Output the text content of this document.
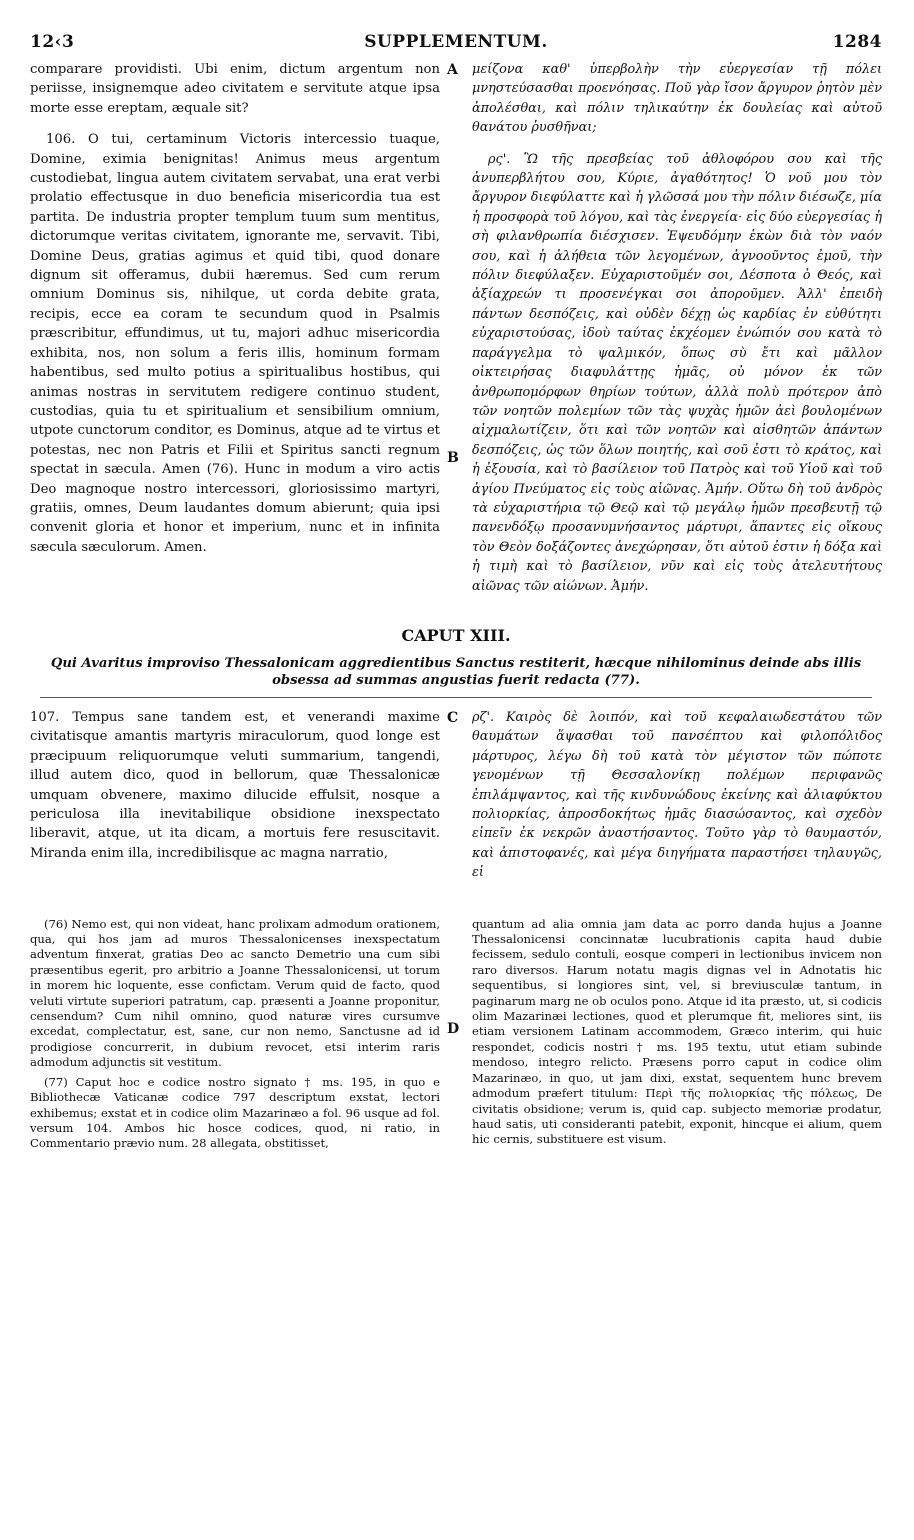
12‹3	SUPPLEMENTUM.	1284
A
B

comparare providisti. Ubi enim, dictum argentum non periisse, insignemque adeo civitatem e servitute atque ipsa morte esse ereptam, æquale sit?

106. O tui, certaminum Victoris intercessio tuaque, Domine, eximia benignitas! Animus meus argentum custodiebat, lingua autem civitatem servabat, una erat verbi prolatio effectusque in duo beneficia misericordia tua est partita. De industria propter templum tuum sum mentitus, dictorumque veritas civitatem, ignorante me, servavit. Tibi, Domine Deus, gratias agimus et quid tibi, quod donare dignum sit offeramus, dubii hæremus. Sed cum rerum omnium Dominus sis, nihilque, ut corda debite grata, recipis, ecce ea coram te secundum quod in Psalmis præscribitur, effundimus, ut tu, majori adhuc misericordia exhibita, nos, non solum a feris illis, hominum formam habentibus, sed multo potius a spiritualibus hostibus, qui animas nostras in servitutem redigere continuo student, custodias, quia tu et spiritualium et sensibilium omnium, utpote cunctorum conditor, es Dominus, atque ad te virtus et potestas, nec non Patris et Filii et Spiritus sancti regnum spectat in sæcula. Amen (76). Hunc in modum a viro actis Deo magnoque nostro intercessori, gloriosissimo martyri, gratiis, omnes, Deum laudantes domum abierunt; quia ipsi convenit gloria et honor et imperium, nunc et in infinita sæcula sæculorum. Amen.

μείζονα καθ' ὑπερβολὴν τὴν εὐεργεσίαν τῇ πόλει μνηστεύσασθαι προενόησας. Ποῦ γὰρ ἴσον ἄργυρον ῥητὸν μὲν ἀπολέσθαι, καὶ πόλιν τηλικαύτην ἐκ δουλείας καὶ αὐτοῦ θανάτου ῥυσθῆναι;

ρς'. Ὢ τῆς πρεσβείας τοῦ ἀθλοφόρου σου καὶ τῆς ἀνυπερβλήτου σου, Κύριε, ἀγαθότητος! Ὁ νοῦ μου τὸν ἄργυρον διεφύλαττε καὶ ἡ γλῶσσά μου τὴν πόλιν διέσωζε, μία ἡ προσφορὰ τοῦ λόγου, καὶ τὰς ἐνεργεία· εἰς δύο εὐεργεσίας ἡ σὴ φιλανθρωπία διέσχισεν. Ἐψευδόμην ἑκὼν διὰ τὸν ναόν σου, καὶ ἡ ἀλήθεια τῶν λεγομένων, ἀγνοοῦντος ἐμοῦ, τὴν πόλιν διεφύλαξεν. Εὐχαριστοῦμέν σοι, Δέσποτα ὁ Θεός, καὶ ἀξίαχρεών τι προσενέγκαι σοι ἀποροῦμεν. Ἀλλ' ἐπειδὴ πάντων δεσπόζεις, καὶ οὐδὲν δέχῃ ὡς καρδίας ἐν εὐθύτητι εὐχαριστούσας, ἰδοὺ ταύτας ἐκχέομεν ἐνώπιόν σου κατὰ τὸ παράγγελμα τὸ ψαλμικόν, ὅπως σὺ ἔτι καὶ μᾶλλον οἰκτειρήσας διαφυλάττῃς ἡμᾶς, οὐ μόνον ἐκ τῶν ἀνθρωπομόρφων θηρίων τούτων, ἀλλὰ πολὺ πρότερον ἀπὸ τῶν νοητῶν πολεμίων τῶν τὰς ψυχὰς ἡμῶν ἀεὶ βουλομένων αἰχμαλωτίζειν, ὅτι καὶ τῶν νοητῶν καὶ αἰσθητῶν ἁπάντων δεσπόζεις, ὡς τῶν ὅλων ποιητής, καὶ σοῦ ἐστι τὸ κράτος, καὶ ἡ ἐξουσία, καὶ τὸ βασίλειον τοῦ Πατρὸς καὶ τοῦ Υἱοῦ καὶ τοῦ ἁγίου Πνεύματος εἰς τοὺς αἰῶνας. Ἀμήν. Οὕτω δὴ τοῦ ἀνδρὸς τὰ εὐχαριστήρια τῷ Θεῷ καὶ τῷ μεγάλῳ ἡμῶν πρεσβευτῇ τῷ πανενδόξῳ προσανυμνήσαντος μάρτυρι, ἅπαντες εἰς οἴκους τὸν Θεὸν δοξάζοντες ἀνεχώρησαν, ὅτι αὐτοῦ ἐστιν ἡ δόξα καὶ ἡ τιμὴ καὶ τὸ βασίλειον, νῦν καὶ εἰς τοὺς ἀτελευτήτους αἰῶνας τῶν αἰώνων. Ἀμήν.

CAPUT XIII.
Qui Avaritus improviso Thessalonicam aggredientibus Sanctus restiterit, hæcque nihilominus deinde abs illis obsessa ad summas angustias fuerit redacta (77).
C

107. Tempus sane tandem est, et venerandi maxime civitatisque amantis martyris miraculorum, quod longe est præcipuum reliquorumque veluti summarium, tangendi, illud autem dico, quod in bellorum, quæ Thessalonicæ umquam obvenere, maximo dilucide effulsit, nosque a periculosa illa inevitabilique obsidione inexspectato liberavit, atque, ut ita dicam, a mortuis fere resuscitavit. Miranda enim illa, incredibilisque ac magna narratio,

ρζ'. Καιρὸς δὲ λοιπόν, καὶ τοῦ κεφαλαιωδεστάτου τῶν θαυμάτων ἅψασθαι τοῦ πανσέπτου καὶ φιλοπόλιδος μάρτυρος, λέγω δὴ τοῦ κατὰ τὸν μέγιστον τῶν πώποτε γενομένων τῇ Θεσσαλονίκῃ πολέμων περιφανῶς ἐπιλάμψαντος, καὶ τῆς κινδυνώδους ἐκείνης καὶ ἀλιαφύκτου πολιορκίας, ἀπροσδοκήτως ἡμᾶς διασώσαντος, καὶ σχεδὸν εἰπεῖν ἐκ νεκρῶν ἀναστήσαντος. Τοῦτο γὰρ τὸ θαυμαστόν, καὶ ἀπιστοφανές, καὶ μέγα διηγήματα παραστήσει τηλαυγῶς, εἰ

D

(76) Nemo est, qui non videat, hanc prolixam admodum orationem, qua, qui hos jam ad muros Thessalonicenses inexspectatum adventum finxerat, gratias Deo ac sancto Demetrio una cum sibi præsentibus egerit, pro arbitrio a Joanne Thessalonicensi, ut torum in morem hic loquente, esse confictam. Verum quid de facto, quod veluti virtute superiori patratum, cap. præsenti a Joanne proponitur, censendum? Cum nihil omnino, quod naturæ vires cursumve excedat, complectatur, est, sane, cur non nemo, Sanctusne ad id prodigiose concurrerit, in dubium revocet, etsi interim raris admodum adjunctis sit vestitum.

(77) Caput hoc e codice nostro signato † ms. 195, in quo e Bibliothecæ Vaticanæ codice 797 descriptum exstat, lectori exhibemus; exstat et in codice olim Mazarinæo a fol. 96 usque ad fol. versum 104. Ambos hic hosce codices, quod, ni ratio, in Commentario prævio num. 28 allegata, obstitisset,

quantum ad alia omnia jam data ac porro danda hujus a Joanne Thessalonicensi concinnatæ lucubrationis capita haud dubie fecissem, sedulo contuli, eosque comperi in lectionibus invicem non raro diversos. Harum notatu magis dignas vel in Adnotatis hic sequentibus, si longiores sint, vel, si breviusculæ tantum, in paginarum marg ne ob oculos pono. Atque id ita præsto, ut, si codicis olim Mazarinæi lectiones, quod et plerumque fit, meliores sint, iis etiam versionem Latinam accommodem, Græco interim, qui huic respondet, codicis nostri † ms. 195 textu, utut etiam subinde mendoso, integro relicto. Præsens porro caput in codice olim Mazarinæo, in quo, ut jam dixi, exstat, sequentem hunc brevem admodum præfert titulum: Περὶ τῆς πολιορκίας τῆς πόλεως, De civitatis obsidione; verum is, quid cap. subjecto memoriæ prodatur, haud satis, uti consideranti patebit, exponit, hincque ei alium, quem hic cernis, substituere est visum.
